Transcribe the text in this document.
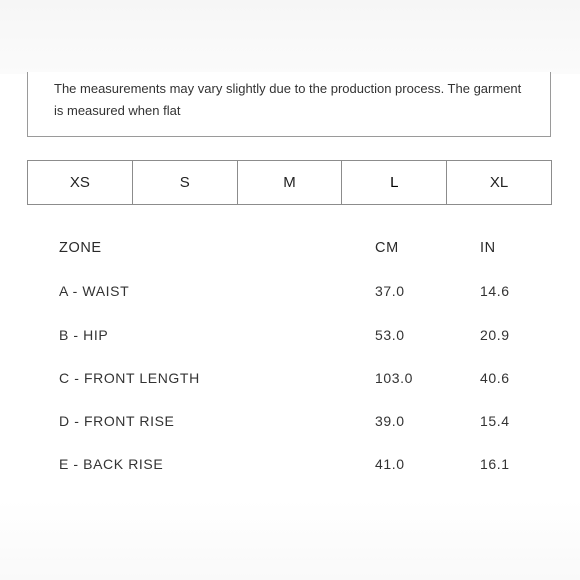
The measurements may vary slightly due to the production process. The garment is measured when flat

XS	S	M	L	XL
ZONE	CM	IN
A - WAIST	37.0	14.6
B - HIP	53.0	20.9
C - FRONT LENGTH	103.0	40.6
D - FRONT RISE	39.0	15.4
E - BACK RISE	41.0	16.1
